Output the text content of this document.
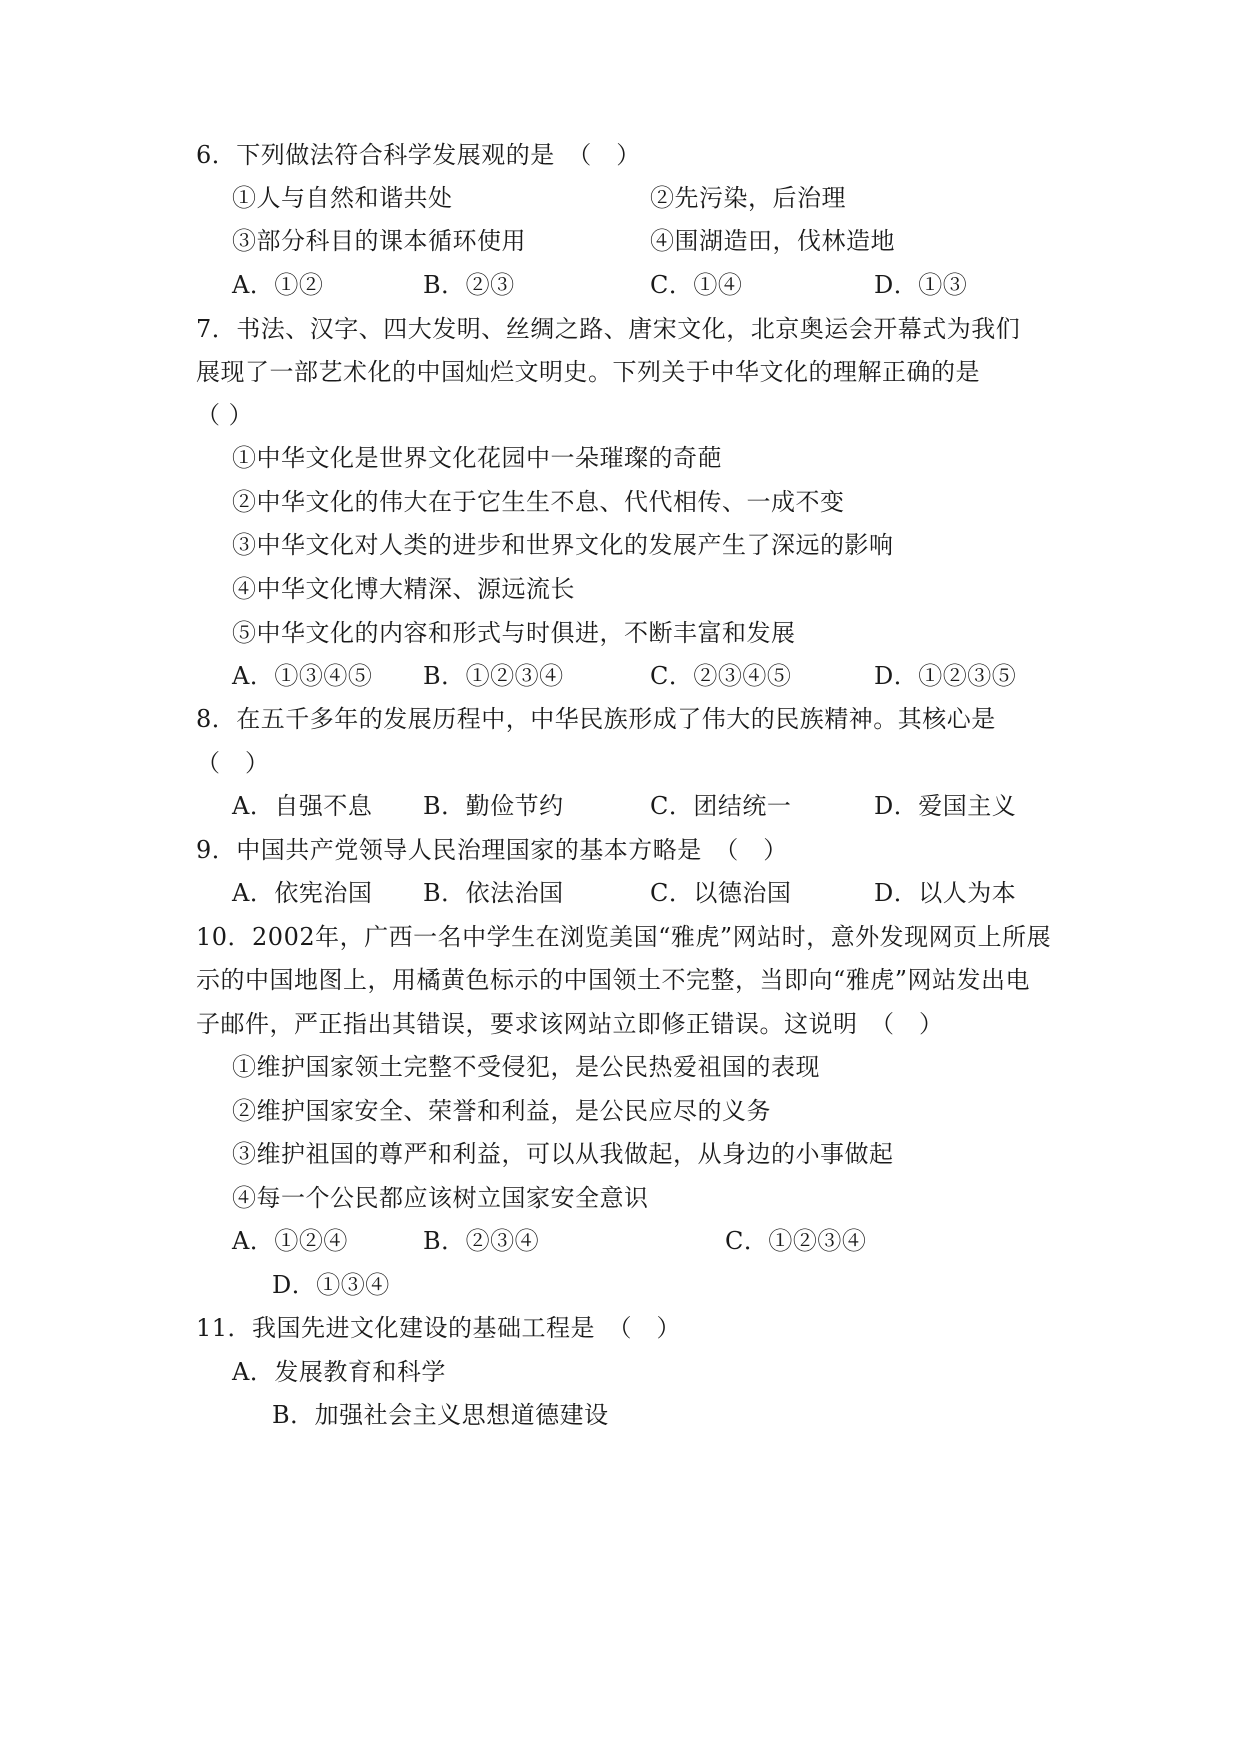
6．下列做法符合科学发展观的是　（　）
①人与自然和谐共处	②先污染，后治理
③部分科目的课本循环使用	④围湖造田，伐林造地
A．①②	B．②③	C．①④	D．①③
7．书法、汉字、四大发明、丝绸之路、唐宋文化，北京奥运会开幕式为我们
展现了一部艺术化的中国灿烂文明史。下列关于中华文化的理解正确的是
（ ）
①中华文化是世界文化花园中一朵璀璨的奇葩
②中华文化的伟大在于它生生不息、代代相传、一成不变
③中华文化对人类的进步和世界文化的发展产生了深远的影响
④中华文化博大精深、源远流长
⑤中华文化的内容和形式与时俱进，不断丰富和发展
A．①③④⑤ B．①②③④	C．②③④⑤	D．①②③⑤
8．在五千多年的发展历程中，中华民族形成了伟大的民族精神。其核心是
（　）
A．自强不息 B．勤俭节约	C．团结统一	D．爱国主义
9．中国共产党领导人民治理国家的基本方略是　（　）
A．依宪治国 B．依法治国	C．以德治国	D．以人为本
10．2002年，广西一名中学生在浏览美国“雅虎”网站时，意外发现网页上所展
示的中国地图上，用橘黄色标示的中国领土不完整，当即向“雅虎”网站发出电
子邮件，严正指出其错误，要求该网站立即修正错误。这说明　（　）
①维护国家领土完整不受侵犯，是公民热爱祖国的表现
②维护国家安全、荣誉和利益，是公民应尽的义务
③维护祖国的尊严和利益，可以从我做起，从身边的小事做起
④每一个公民都应该树立国家安全意识
A．①②④	B．②③④	C．①②③④
D．①③④
11．我国先进文化建设的基础工程是　（　）
A．发展教育和科学
B．加强社会主义思想道德建设
